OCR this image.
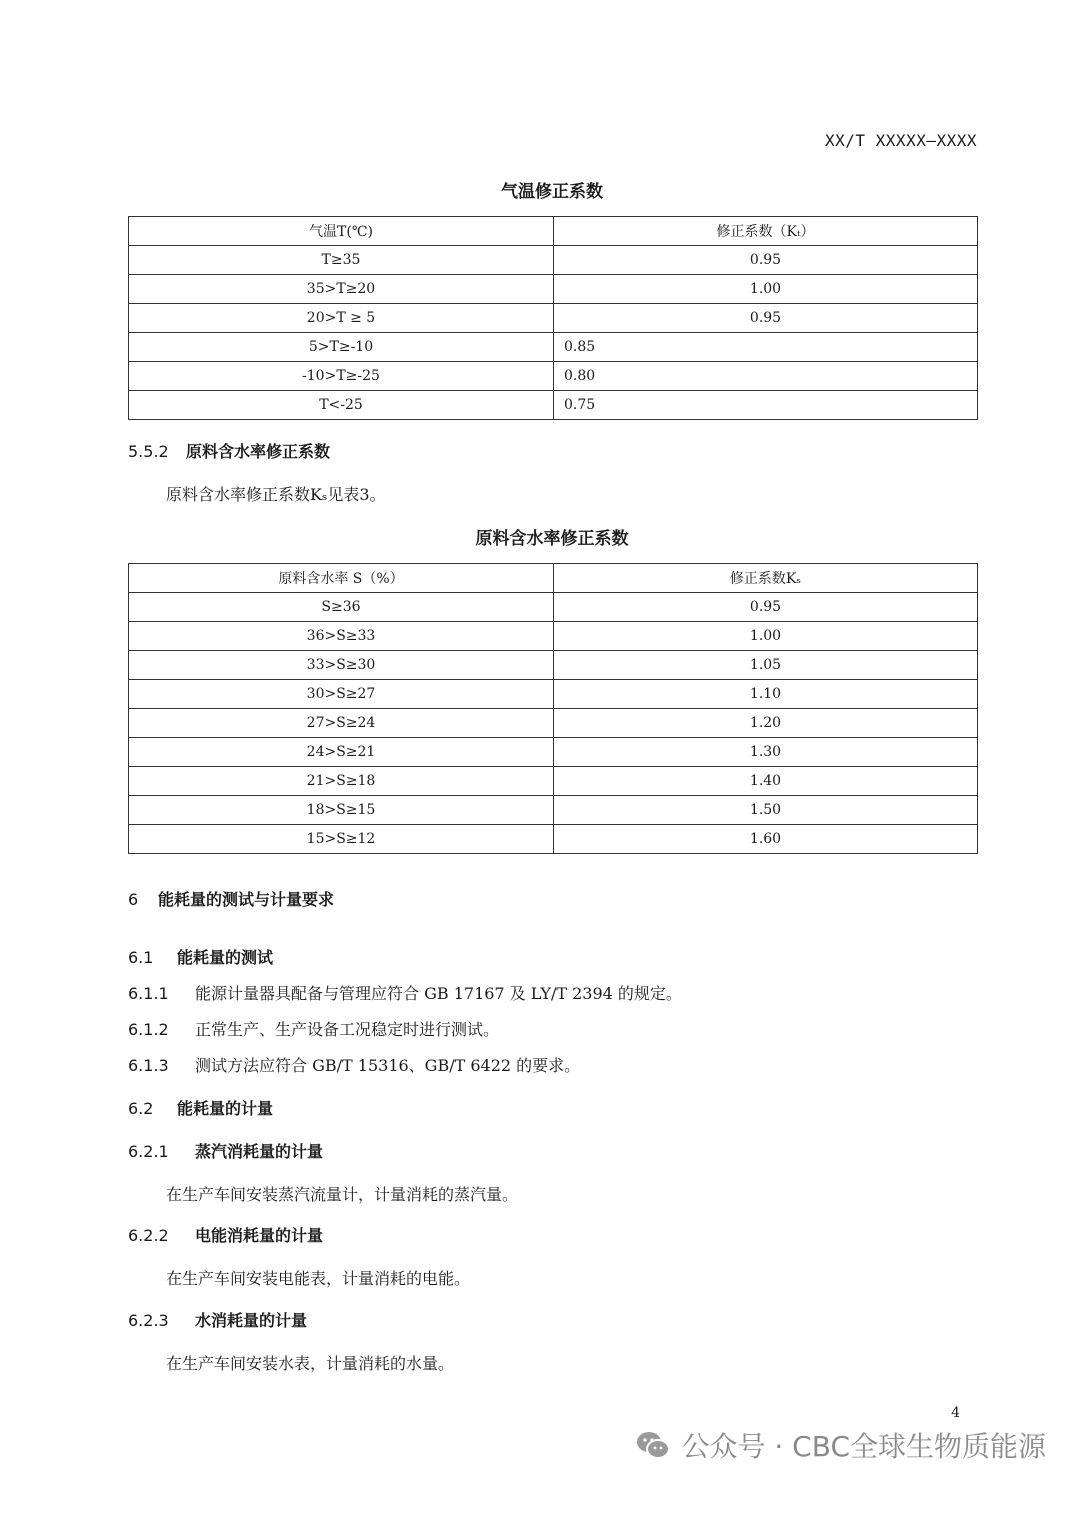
XX/T XXXXX—XXXX
气温修正系数
气温T(℃)	修正系数（Kₜ）
T≥35	0.95
35>T≥20	1.00
20>T ≥ 5	0.95
5>T≥-10	0.85
-10>T≥-25	0.80
T<-25	0.75
5.5.2 原料含水率修正系数
原料含水率修正系数Kₛ见表3。
原料含水率修正系数
原料含水率 S（%）	修正系数Kₛ
S≥36	0.95
36>S≥33	1.00
33>S≥30	1.05
30>S≥27	1.10
27>S≥24	1.20
24>S≥21	1.30
21>S≥18	1.40
18>S≥15	1.50
15>S≥12	1.60
6 能耗量的测试与计量要求
6.1 能耗量的测试
6.1.1 能源计量器具配备与管理应符合 GB 17167 及 LY/T 2394 的规定。
6.1.2 正常生产、生产设备工况稳定时进行测试。
6.1.3 测试方法应符合 GB/T 15316、GB/T 6422 的要求。
6.2 能耗量的计量
6.2.1 蒸汽消耗量的计量
在生产车间安装蒸汽流量计，计量消耗的蒸汽量。
6.2.2 电能消耗量的计量
在生产车间安装电能表，计量消耗的电能。
6.2.3 水消耗量的计量
在生产车间安装水表，计量消耗的水量。
4
公众号 · CBC全球生物质能源
